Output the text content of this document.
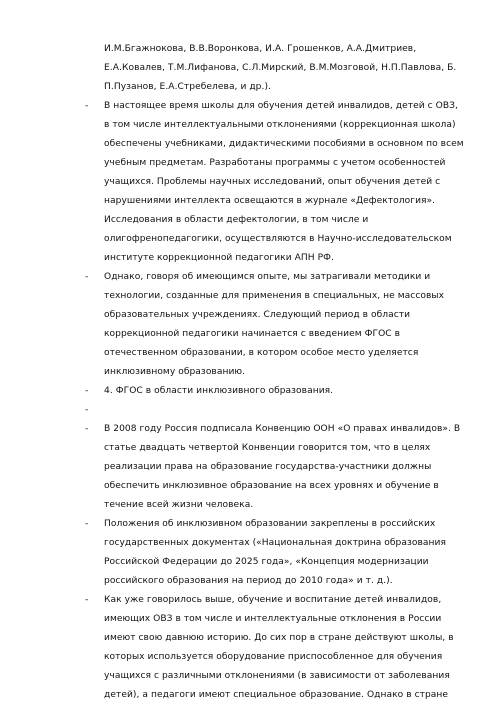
И.М.Бгажнокова, В.В.Воронкова, И.А. Грошенков, А.А.Дмитриев,
Е.А.Ковалев, Т.М.Лифанова, С.Л.Мирский, В.М.Мозговой, Н.П.Павлова, Б.
П.Пузанов, Е.А.Стребелева, и др.).
- В настоящее время школы для обучения детей инвалидов, детей с ОВЗ,
в том числе интеллектуальными отклонениями (коррекционная школа)
обеспечены учебниками, дидактическими пособиями в основном по всем
учебным предметам. Разработаны программы с учетом особенностей
учащихся. Проблемы научных исследований, опыт обучения детей с
нарушениями интеллекта освещаются в журнале «Дефектология».
Исследования в области дефектологии, в том числе и
олигофренопедагогики, осуществляются в Научно-исследовательском
институте коррекционной педагогики АПН РФ.
- Однако, говоря об имеющимся опыте, мы затрагивали методики и
технологии, созданные для применения в специальных, не массовых
образовательных учреждениях. Следующий период в области
коррекционной педагогики начинается с введением ФГОС в
отечественном образовании, в котором особое место уделяется
инклюзивному образованию.
- 4. ФГОС в области инклюзивного образования.
-
- В 2008 году Россия подписала Конвенцию ООН «О правах инвалидов». В
статье двадцать четвертой Конвенции говорится том, что в целях
реализации права на образование государства-участники должны
обеспечить инклюзивное образование на всех уровнях и обучение в
течение всей жизни человека.
- Положения об инклюзивном образовании закреплены в российских
государственных документах («Национальная доктрина образования
Российской Федерации до 2025 года», «Концепция модернизации
российского образования на период до 2010 года» и т. д.).
- Как уже говорилось выше, обучение и воспитание детей инвалидов,
имеющих ОВЗ в том числе и интеллектуальные отклонения в России
имеют свою давнюю историю. До сих пор в стране действуют школы, в
которых используется оборудование приспособленное для обучения
учащихся с различными отклонениями (в зависимости от заболевания
детей), а педагоги имеют специальное образование. Однако в стране
